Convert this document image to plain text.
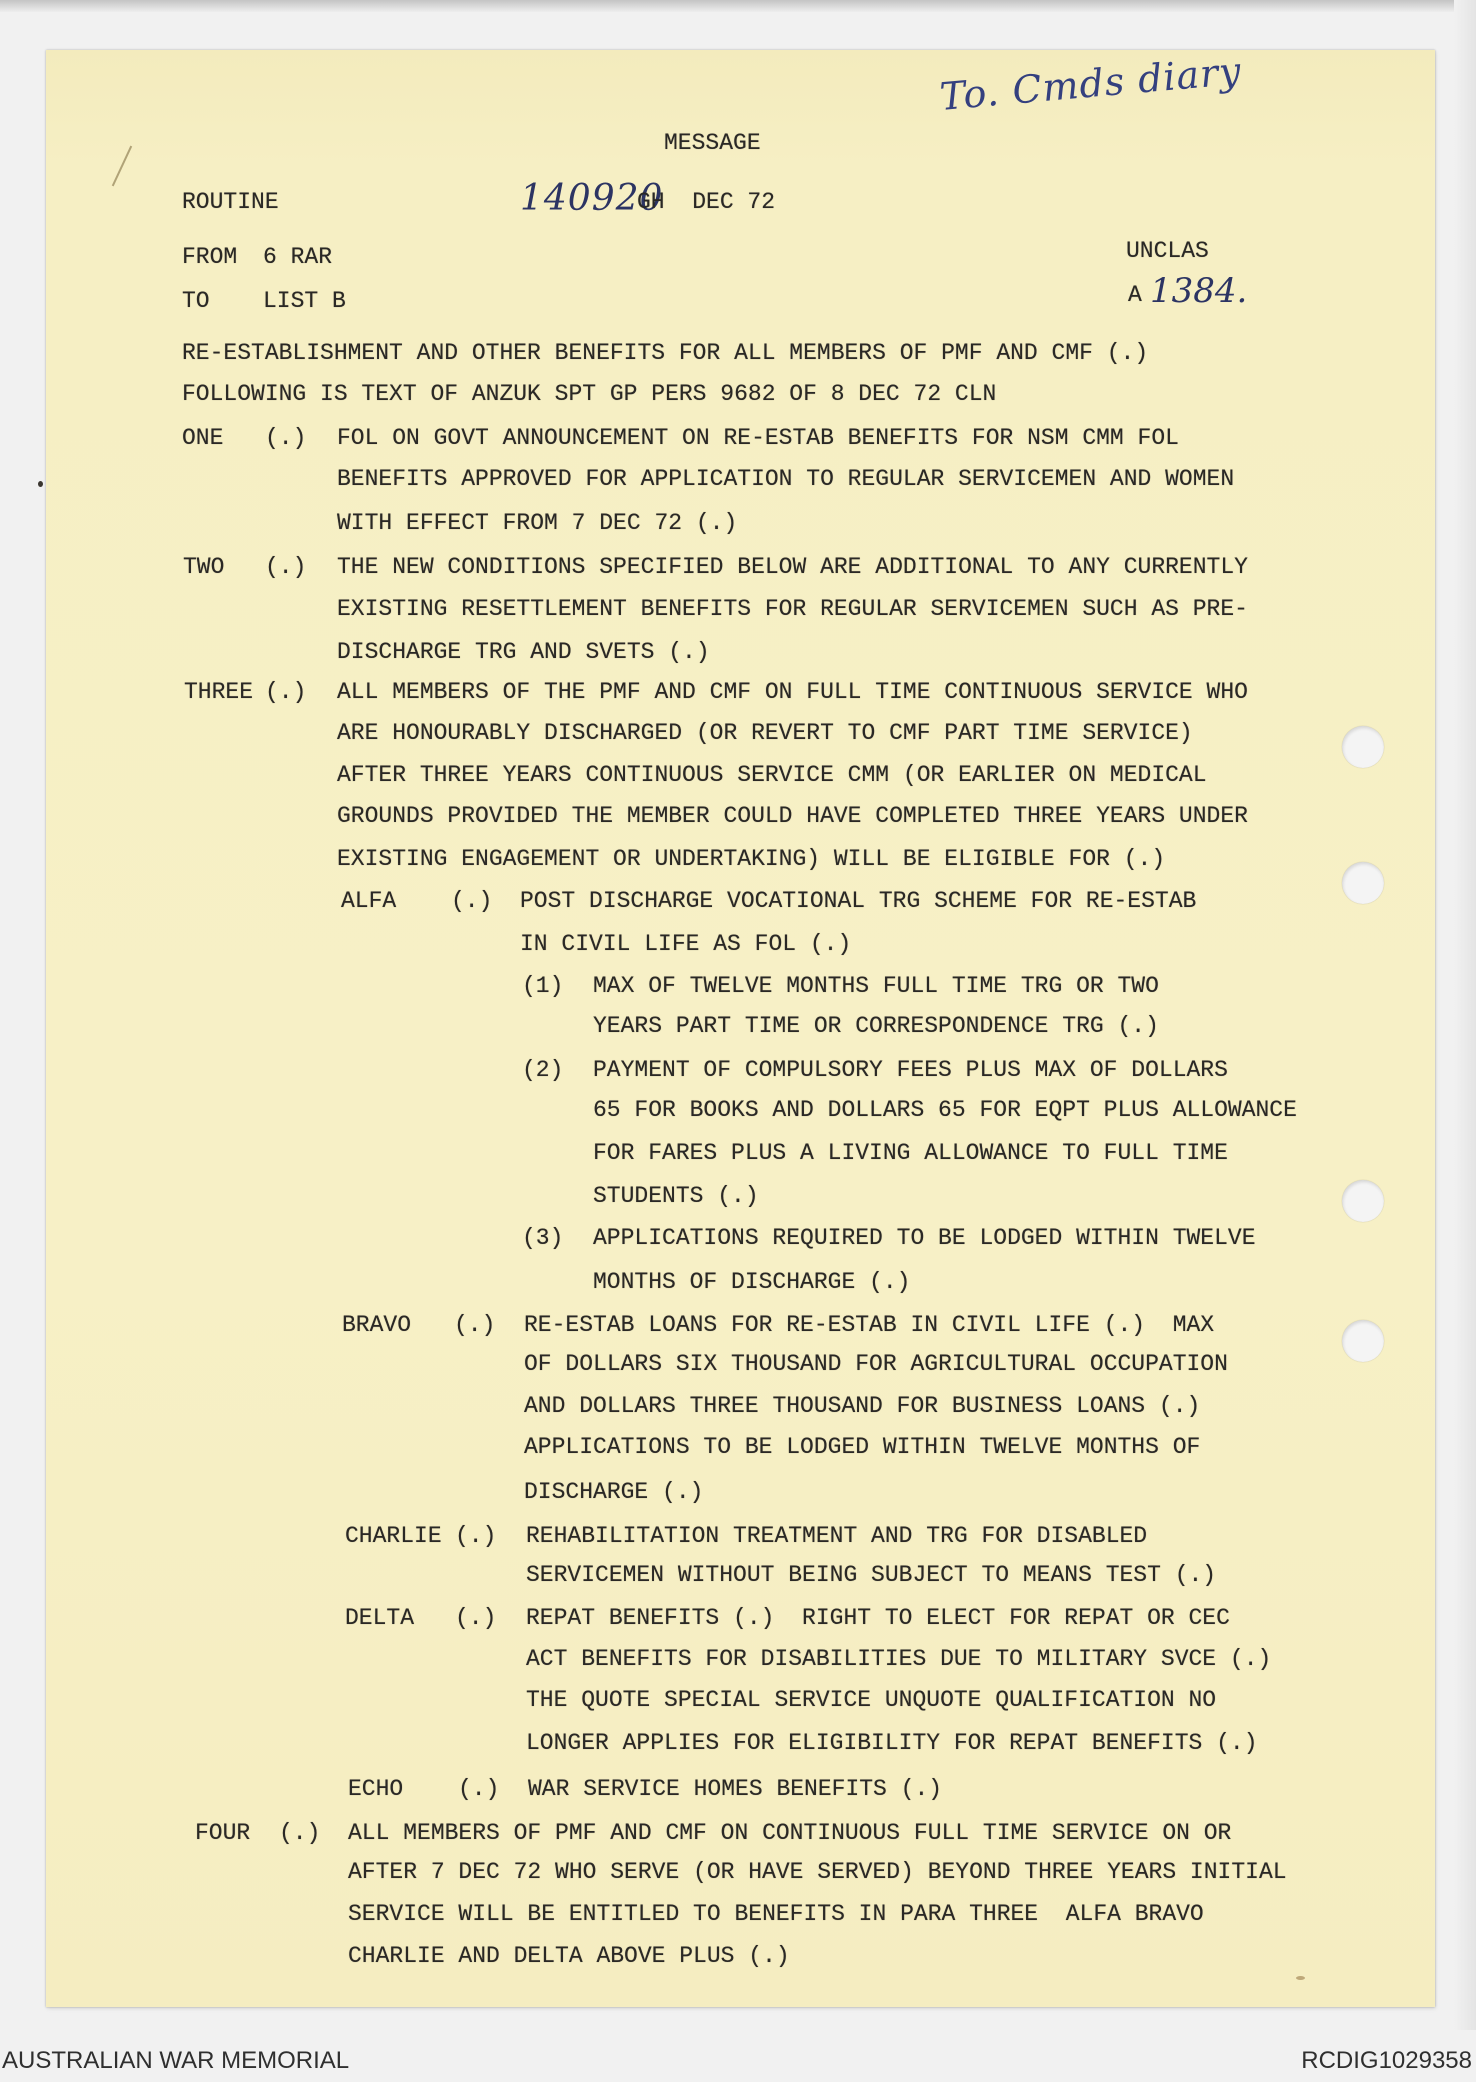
To. Cmds diary
MESSAGE
ROUTINE	140920
GH  DEC 72
FROM 6 RAR
TO LIST B
UNCLAS
A 1384.
RE-ESTABLISHMENT AND OTHER BENEFITS FOR ALL MEMBERS OF PMF AND CMF (.)
FOLLOWING IS TEXT OF ANZUK SPT GP PERS 9682 OF 8 DEC 72 CLN
ONE (.) FOL ON GOVT ANNOUNCEMENT ON RE-ESTAB BENEFITS FOR NSM CMM FOL
BENEFITS APPROVED FOR APPLICATION TO REGULAR SERVICEMEN AND WOMEN
WITH EFFECT FROM 7 DEC 72 (.)
TWO (.) THE NEW CONDITIONS SPECIFIED BELOW ARE ADDITIONAL TO ANY CURRENTLY
EXISTING RESETTLEMENT BENEFITS FOR REGULAR SERVICEMEN SUCH AS PRE-
DISCHARGE TRG AND SVETS (.)
THREE (.) ALL MEMBERS OF THE PMF AND CMF ON FULL TIME CONTINUOUS SERVICE WHO
ARE HONOURABLY DISCHARGED (OR REVERT TO CMF PART TIME SERVICE)
AFTER THREE YEARS CONTINUOUS SERVICE CMM (OR EARLIER ON MEDICAL
GROUNDS PROVIDED THE MEMBER COULD HAVE COMPLETED THREE YEARS UNDER
EXISTING ENGAGEMENT OR UNDERTAKING) WILL BE ELIGIBLE FOR (.)
ALFA (.) POST DISCHARGE VOCATIONAL TRG SCHEME FOR RE-ESTAB
IN CIVIL LIFE AS FOL (.)
(1) MAX OF TWELVE MONTHS FULL TIME TRG OR TWO
YEARS PART TIME OR CORRESPONDENCE TRG (.)
(2) PAYMENT OF COMPULSORY FEES PLUS MAX OF DOLLARS
65 FOR BOOKS AND DOLLARS 65 FOR EQPT PLUS ALLOWANCE
FOR FARES PLUS A LIVING ALLOWANCE TO FULL TIME
STUDENTS (.)
(3) APPLICATIONS REQUIRED TO BE LODGED WITHIN TWELVE
MONTHS OF DISCHARGE (.)
BRAVO (.) RE-ESTAB LOANS FOR RE-ESTAB IN CIVIL LIFE (.)  MAX
OF DOLLARS SIX THOUSAND FOR AGRICULTURAL OCCUPATION
AND DOLLARS THREE THOUSAND FOR BUSINESS LOANS (.)
APPLICATIONS TO BE LODGED WITHIN TWELVE MONTHS OF
DISCHARGE (.)
CHARLIE (.) REHABILITATION TREATMENT AND TRG FOR DISABLED
SERVICEMEN WITHOUT BEING SUBJECT TO MEANS TEST (.)
DELTA (.) REPAT BENEFITS (.)  RIGHT TO ELECT FOR REPAT OR CEC
ACT BENEFITS FOR DISABILITIES DUE TO MILITARY SVCE (.)
THE QUOTE SPECIAL SERVICE UNQUOTE QUALIFICATION NO
LONGER APPLIES FOR ELIGIBILITY FOR REPAT BENEFITS (.)
ECHO (.) WAR SERVICE HOMES BENEFITS (.)
FOUR (.) ALL MEMBERS OF PMF AND CMF ON CONTINUOUS FULL TIME SERVICE ON OR
AFTER 7 DEC 72 WHO SERVE (OR HAVE SERVED) BEYOND THREE YEARS INITIAL
SERVICE WILL BE ENTITLED TO BENEFITS IN PARA THREE  ALFA BRAVO
CHARLIE AND DELTA ABOVE PLUS (.)
AUSTRALIAN WAR MEMORIAL	RCDIG1029358
